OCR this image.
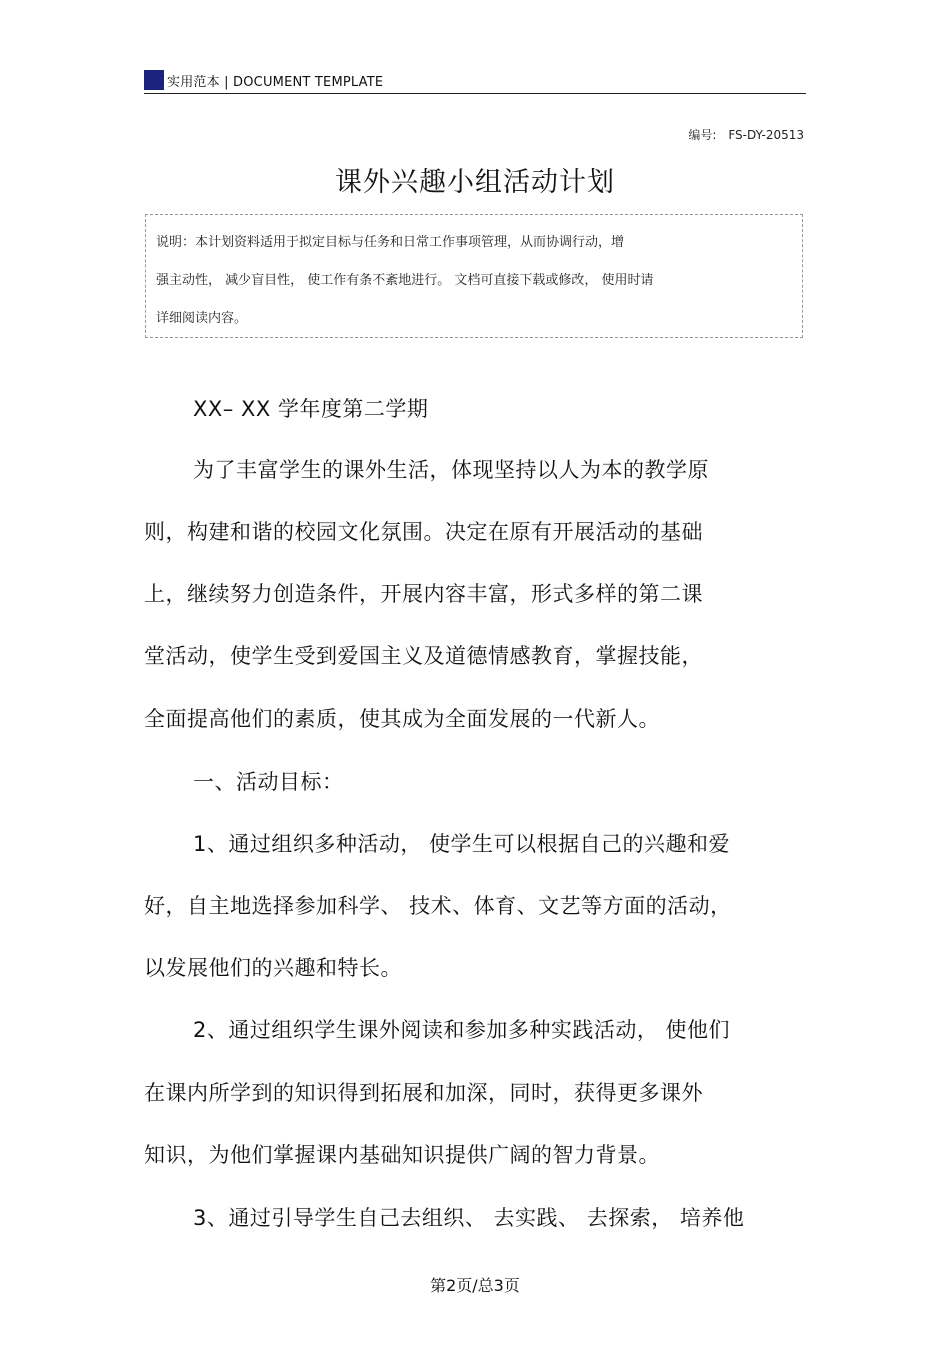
实用范本 | DOCUMENT TEMPLATE
编号: FS-DY-20513
课外兴趣小组活动计划
说明：本计划资料适用于拟定目标与任务和日常工作事项管理，从而协调行动，增
强主动性， 减少盲目性， 使工作有条不紊地进行。 文档可直接下载或修改， 使用时请
详细阅读内容。

XX– XX 学年度第二学期

为了丰富学生的课外生活，体现坚持以人为本的教学原

则，构建和谐的校园文化氛围。决定在原有开展活动的基础

上，继续努力创造条件，开展内容丰富，形式多样的第二课

堂活动，使学生受到爱国主义及道德情感教育，掌握技能，

全面提高他们的素质，使其成为全面发展的一代新人。

一、活动目标：

1、通过组织多种活动， 使学生可以根据自己的兴趣和爱

好，自主地选择参加科学、 技术、体育、文艺等方面的活动，

以发展他们的兴趣和特长。

2、通过组织学生课外阅读和参加多种实践活动， 使他们

在课内所学到的知识得到拓展和加深，同时，获得更多课外

知识，为他们掌握课内基础知识提供广阔的智力背景。

3、通过引导学生自己去组织、 去实践、 去探索， 培养他

第2页/总3页
